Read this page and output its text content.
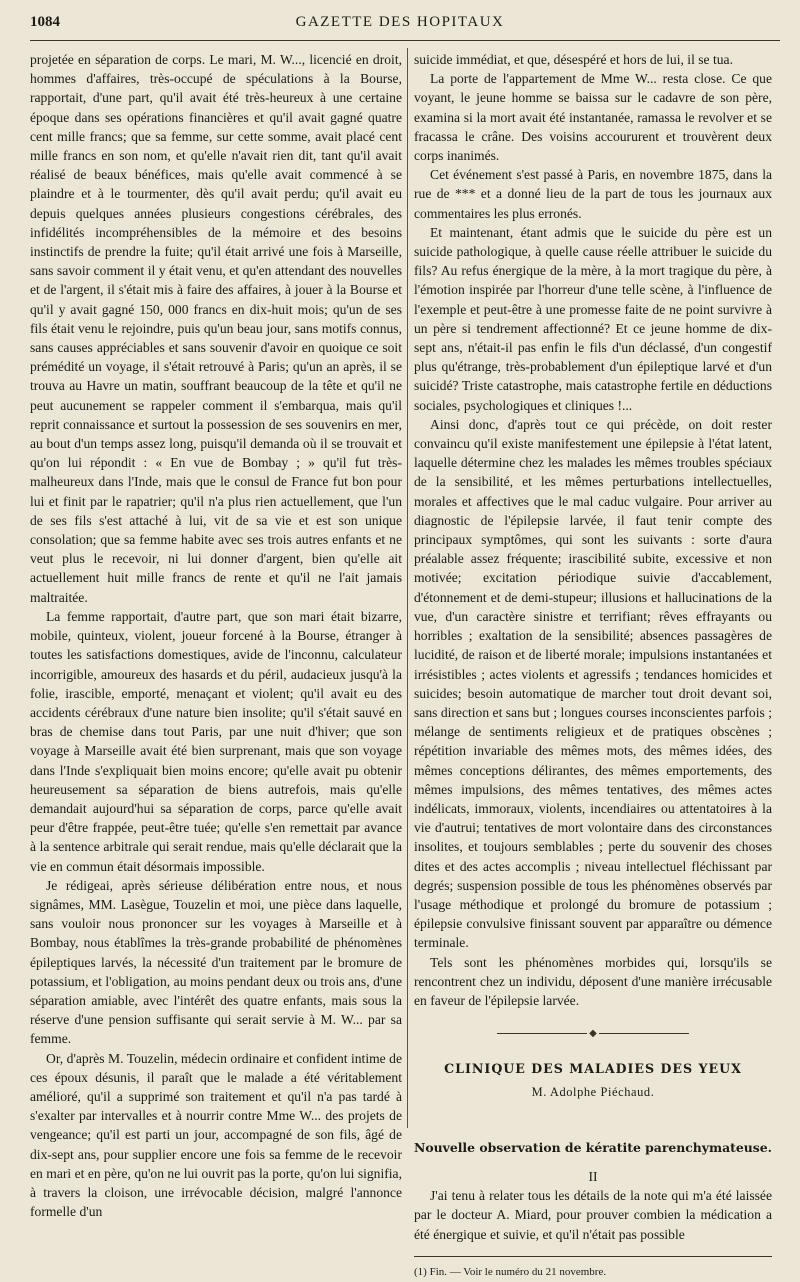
1084	GAZETTE DES HOPITAUX

projetée en séparation de corps. Le mari, M. W..., licencié en droit, hommes d'affaires, très-occupé de spéculations à la Bourse, rapportait, d'une part, qu'il avait été très-heureux à une certaine époque dans ses opérations financières et qu'il avait gagné quatre cent mille francs; que sa femme, sur cette somme, avait placé cent mille francs en son nom, et qu'elle n'avait rien dit, tant qu'il avait réalisé de beaux bénéfices, mais qu'elle avait commencé à se plaindre et à le tourmenter, dès qu'il avait perdu; qu'il avait eu depuis quelques années plusieurs congestions cérébrales, des infidélités incompréhensibles de la mémoire et des besoins instinctifs de prendre la fuite; qu'il était arrivé une fois à Marseille, sans savoir comment il y était venu, et qu'en attendant des nouvelles et de l'argent, il s'était mis à faire des affaires, à jouer à la Bourse et qu'il y avait gagné 150, 000 francs en dix-huit mois; qu'un de ses fils était venu le rejoindre, puis qu'un beau jour, sans motifs connus, sans causes appréciables et sans souvenir d'avoir en quoique ce soit prémédité un voyage, il s'était retrouvé à Paris; qu'un an après, il se trouva au Havre un matin, souffrant beaucoup de la tête et qu'il ne peut aucunement se rappeler comment il s'embarqua, mais qu'il reprit connaissance et surtout la possession de ses souvenirs en mer, au bout d'un temps assez long, puisqu'il demanda où il se trouvait et qu'on lui répondit : « En vue de Bombay ; » qu'il fut très-malheureux dans l'Inde, mais que le consul de France fut bon pour lui et finit par le rapatrier; qu'il n'a plus rien actuellement, que l'un de ses fils s'est attaché à lui, vit de sa vie et est son unique consolation; que sa femme habite avec ses trois autres enfants et ne veut plus le recevoir, ni lui donner d'argent, bien qu'elle ait actuellement huit mille francs de rente et qu'il ne l'ait jamais maltraitée.

La femme rapportait, d'autre part, que son mari était bizarre, mobile, quinteux, violent, joueur forcené à la Bourse, étranger à toutes les satisfactions domestiques, avide de l'inconnu, calculateur incorrigible, amoureux des hasards et du péril, audacieux jusqu'à la folie, irascible, emporté, menaçant et violent; qu'il avait eu des accidents cérébraux d'une nature bien insolite; qu'il s'était sauvé en bras de chemise dans tout Paris, par une nuit d'hiver; que son voyage à Marseille avait été bien surprenant, mais que son voyage dans l'Inde s'expliquait bien moins encore; qu'elle avait pu obtenir heureusement sa séparation de biens autrefois, mais qu'elle demandait aujourd'hui sa séparation de corps, parce qu'elle avait peur d'être frappée, peut-être tuée; qu'elle s'en remettait par avance à la sentence arbitrale qui serait rendue, mais qu'elle déclarait que la vie en commun était désormais impossible.

Je rédigeai, après sérieuse délibération entre nous, et nous signâmes, MM. Lasègue, Touzelin et moi, une pièce dans laquelle, sans vouloir nous prononcer sur les voyages à Marseille et à Bombay, nous établîmes la très-grande probabilité de phénomènes épileptiques larvés, la nécessité d'un traitement par le bromure de potassium, et l'obligation, au moins pendant deux ou trois ans, d'une séparation amiable, avec l'intérêt des quatre enfants, mais sous la réserve d'une pension suffisante qui serait servie à M. W... par sa femme.

Or, d'après M. Touzelin, médecin ordinaire et confident intime de ces époux désunis, il paraît que le malade a été véritablement amélioré, qu'il a supprimé son traitement et qu'il n'a pas tardé à s'exalter par intervalles et à nourrir contre Mme W... des projets de vengeance; qu'il est parti un jour, accompagné de son fils, âgé de dix-sept ans, pour supplier encore une fois sa femme de le recevoir en mari et en père, qu'on ne lui ouvrit pas la porte, qu'on lui signifia, à travers la cloison, une irrévocable décision, malgré l'annonce formelle d'un

suicide immédiat, et que, désespéré et hors de lui, il se tua.

La porte de l'appartement de Mme W... resta close. Ce que voyant, le jeune homme se baissa sur le cadavre de son père, examina si la mort avait été instantanée, ramassa le revolver et se fracassa le crâne. Des voisins accoururent et trouvèrent deux corps inanimés.

Cet événement s'est passé à Paris, en novembre 1875, dans la rue de *** et a donné lieu de la part de tous les journaux aux commentaires les plus erronés.

Et maintenant, étant admis que le suicide du père est un suicide pathologique, à quelle cause réelle attribuer le suicide du fils? Au refus énergique de la mère, à la mort tragique du père, à l'émotion inspirée par l'horreur d'une telle scène, à l'influence de l'exemple et peut-être à une promesse faite de ne point survivre à un père si tendrement affectionné? Et ce jeune homme de dix-sept ans, n'était-il pas enfin le fils d'un déclassé, d'un congestif plus qu'étrange, très-probablement d'un épileptique larvé et d'un suicidé? Triste catastrophe, mais catastrophe fertile en déductions sociales, psychologiques et cliniques !...

Ainsi donc, d'après tout ce qui précède, on doit rester convaincu qu'il existe manifestement une épilepsie à l'état latent, laquelle détermine chez les malades les mêmes troubles spéciaux de la sensibilité, et les mêmes perturbations intellectuelles, morales et affectives que le mal caduc vulgaire. Pour arriver au diagnostic de l'épilepsie larvée, il faut tenir compte des principaux symptômes, qui sont les suivants : sorte d'aura préalable assez fréquente; irascibilité subite, excessive et non motivée; excitation périodique suivie d'accablement, d'étonnement et de demi-stupeur; illusions et hallucinations de la vue, d'un caractère sinistre et terrifiant; rêves effrayants ou horribles ; exaltation de la sensibilité; absences passagères de lucidité, de raison et de liberté morale; impulsions instantanées et irrésistibles ; actes violents et agressifs ; tendances homicides et suicides; besoin automatique de marcher tout droit devant soi, sans direction et sans but ; longues courses inconscientes parfois ; mélange de sentiments religieux et de pratiques obscènes ; répétition invariable des mêmes mots, des mêmes idées, des mêmes conceptions délirantes, des mêmes emportements, des mêmes impulsions, des mêmes tentatives, des mêmes actes indélicats, immoraux, violents, incendiaires ou attentatoires à la vie d'autrui; tentatives de mort volontaire dans des circonstances insolites, et toujours semblables ; perte du souvenir des choses dites et des actes accomplis ; niveau intellectuel fléchissant par degrés; suspension possible de tous les phénomènes observés par l'usage méthodique et prolongé du bromure de potassium ; épilepsie convulsive finissant souvent par apparaître ou démence terminale.

Tels sont les phénomènes morbides qui, lorsqu'ils se rencontrent chez un individu, déposent d'une manière irrécusable en faveur de l'épilepsie larvée.

◆
CLINIQUE DES MALADIES DES YEUX
M. Adolphe Piéchaud.
Nouvelle observation de kératite parenchymateuse.
II

J'ai tenu à relater tous les détails de la note qui m'a été laissée par le docteur A. Miard, pour prouver combien la médication a été énergique et suivie, et qu'il n'était pas possible

(1) Fin. — Voir le numéro du 21 novembre.
